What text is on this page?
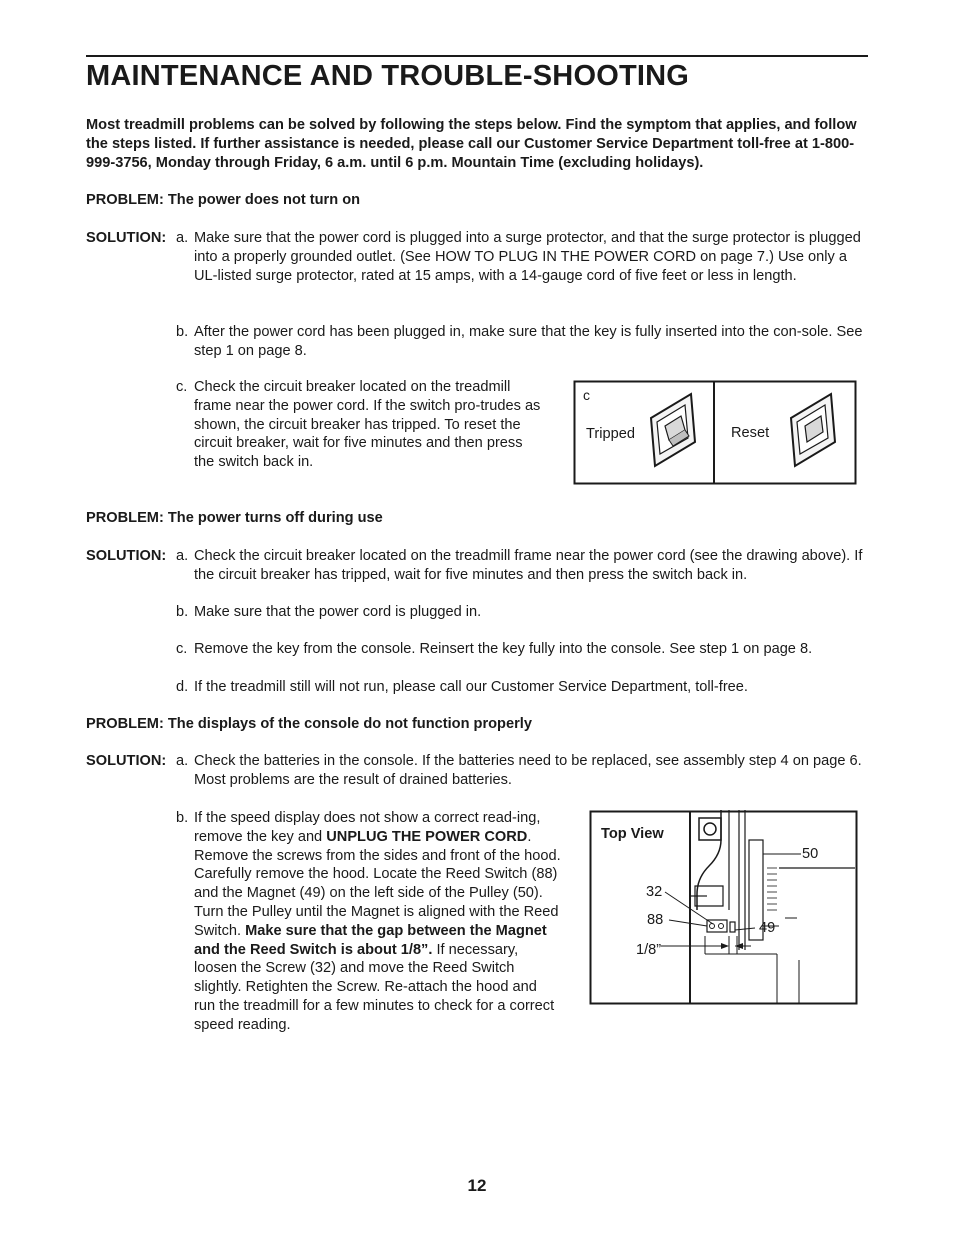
MAINTENANCE AND TROUBLE-SHOOTING
Most treadmill problems can be solved by following the steps below. Find the symptom that applies, and follow the steps listed. If further assistance is needed, please call our Customer Service Department toll-free at 1-800-999-3756, Monday through Friday, 6 a.m. until 6 p.m. Mountain Time (excluding holidays).
PROBLEM: The power does not turn on
SOLUTION: a. Make sure that the power cord is plugged into a surge protector, and that the surge protector is plugged into a properly grounded outlet. (See HOW TO PLUG IN THE POWER CORD on page 7.) Use only a UL-listed surge protector, rated at 15 amps, with a 14-gauge cord of five feet or less in length.
b. After the power cord has been plugged in, make sure that the key is fully inserted into the con-sole. See step 1 on page 8.
c. Check the circuit breaker located on the treadmill frame near the power cord. If the switch pro-trudes as shown, the circuit breaker has tripped. To reset the circuit breaker, wait for five minutes and then press the switch back in.
c
Tripped	Reset
PROBLEM: The power turns off during use
SOLUTION: a. Check the circuit breaker located on the treadmill frame near the power cord (see the drawing above). If the circuit breaker has tripped, wait for five minutes and then press the switch back in.
b. Make sure that the power cord is plugged in.
c. Remove the key from the console. Reinsert the key fully into the console. See step 1 on page 8.
d. If the treadmill still will not run, please call our Customer Service Department, toll-free.
PROBLEM: The displays of the console do not function properly
SOLUTION: a. Check the batteries in the console. If the batteries need to be replaced, see assembly step 4 on page 6. Most problems are the result of drained batteries.
b. If the speed display does not show a correct read-ing, remove the key and UNPLUG THE POWER CORD. Remove the screws from the sides and front of the hood. Carefully remove the hood. Locate the Reed Switch (88) and the Magnet (49) on the left side of the Pulley (50). Turn the Pulley until the Magnet is aligned with the Reed Switch. Make sure that the gap between the Magnet and the Reed Switch is about 1/8”. If necessary, loosen the Screw (32) and move the Reed Switch slightly. Retighten the Screw. Re-attach the hood and run the treadmill for a few minutes to check for a correct speed reading.
Top View
50
32
88	49
1/8”
12
